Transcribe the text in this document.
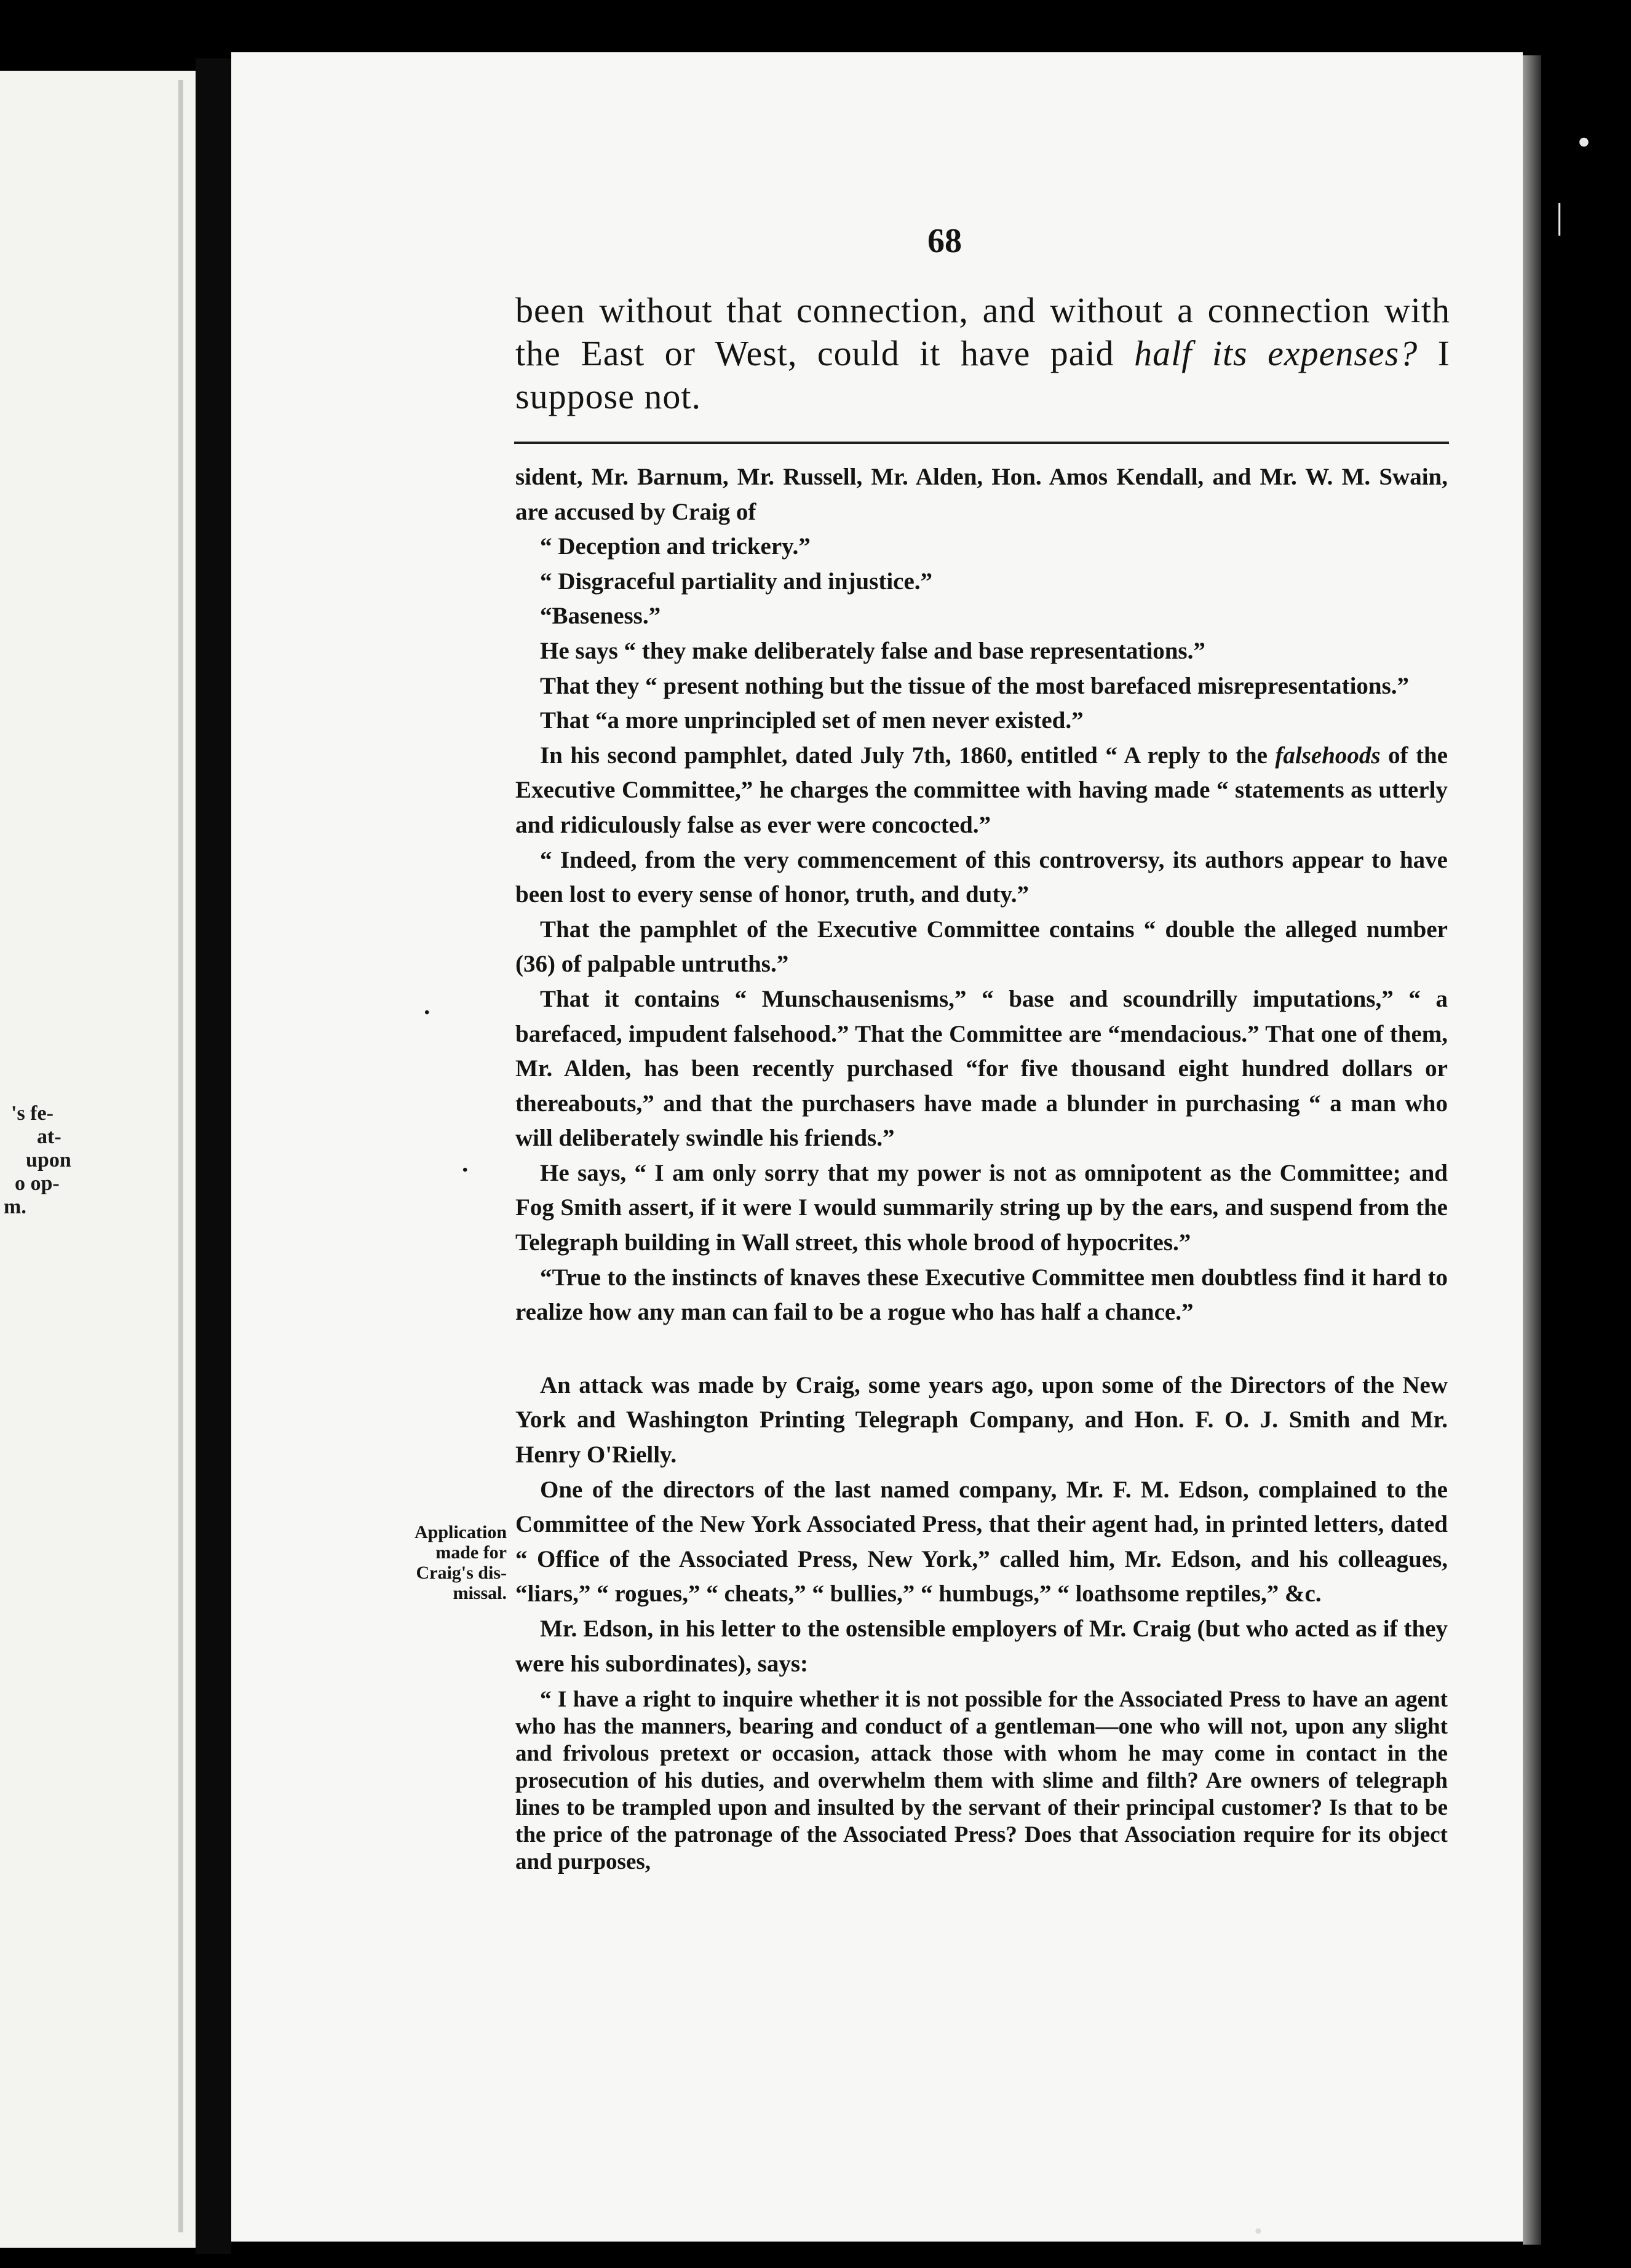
•
│
•
's fe-
at-
upon
o op-
m.
68
been without that connection, and without a connection with the East or West, could it have paid half its expenses? I suppose not.

sident, Mr. Barnum, Mr. Russell, Mr. Alden, Hon. Amos Kendall, and Mr. W. M. Swain, are accused by Craig of

“ Deception and trickery.”

“ Disgraceful partiality and injustice.”

“Baseness.”

He says “ they make deliberately false and base representations.”

That they “ present nothing but the tissue of the most barefaced misrepresentations.”

That “a more unprincipled set of men never existed.”

In his second pamphlet, dated July 7th, 1860, entitled “ A reply to the falsehoods of the Executive Committee,” he charges the committee with having made “ statements as utterly and ridiculously false as ever were concocted.”

“ Indeed, from the very commencement of this controversy, its authors appear to have been lost to every sense of honor, truth, and duty.”

That the pamphlet of the Executive Committee contains “ double the alleged number (36) of palpable untruths.”

That it contains “ Munschausenisms,” “ base and scoundrilly imputations,” “ a barefaced, impudent falsehood.” That the Committee are “mendacious.” That one of them, Mr. Alden, has been recently purchased “for five thousand eight hundred dollars or thereabouts,” and that the purchasers have made a blunder in purchasing “ a man who will deliberately swindle his friends.”

He says, “ I am only sorry that my power is not as omnipotent as the Committee; and Fog Smith assert, if it were I would summarily string up by the ears, and suspend from the Telegraph building in Wall street, this whole brood of hypocrites.”

“True to the instincts of knaves these Executive Committee men doubtless find it hard to realize how any man can fail to be a rogue who has half a chance.”

An attack was made by Craig, some years ago, upon some of the Directors of the New York and Washington Printing Telegraph Company, and Hon. F. O. J. Smith and Mr. Henry O'Rielly.

One of the directors of the last named company, Mr. F. M. Edson, complained to the Committee of the New York Associated Press, that their agent had, in printed letters, dated “ Office of the Associated Press, New York,” called him, Mr. Edson, and his colleagues, “liars,” “ rogues,” “ cheats,” “ bullies,” “ humbugs,” “ loathsome reptiles,” &c.

Mr. Edson, in his letter to the ostensible employers of Mr. Craig (but who acted as if they were his subordinates), says:

“ I have a right to inquire whether it is not possible for the Associated Press to have an agent who has the manners, bearing and conduct of a gentleman—one who will not, upon any slight and frivolous pretext or occasion, attack those with whom he may come in contact in the prosecution of his duties, and overwhelm them with slime and filth? Are owners of telegraph lines to be trampled upon and insulted by the servant of their principal customer? Is that to be the price of the patronage of the Associated Press? Does that Association require for its object and purposes,

Application
made for
Craig's dis-
missal.
•
•
